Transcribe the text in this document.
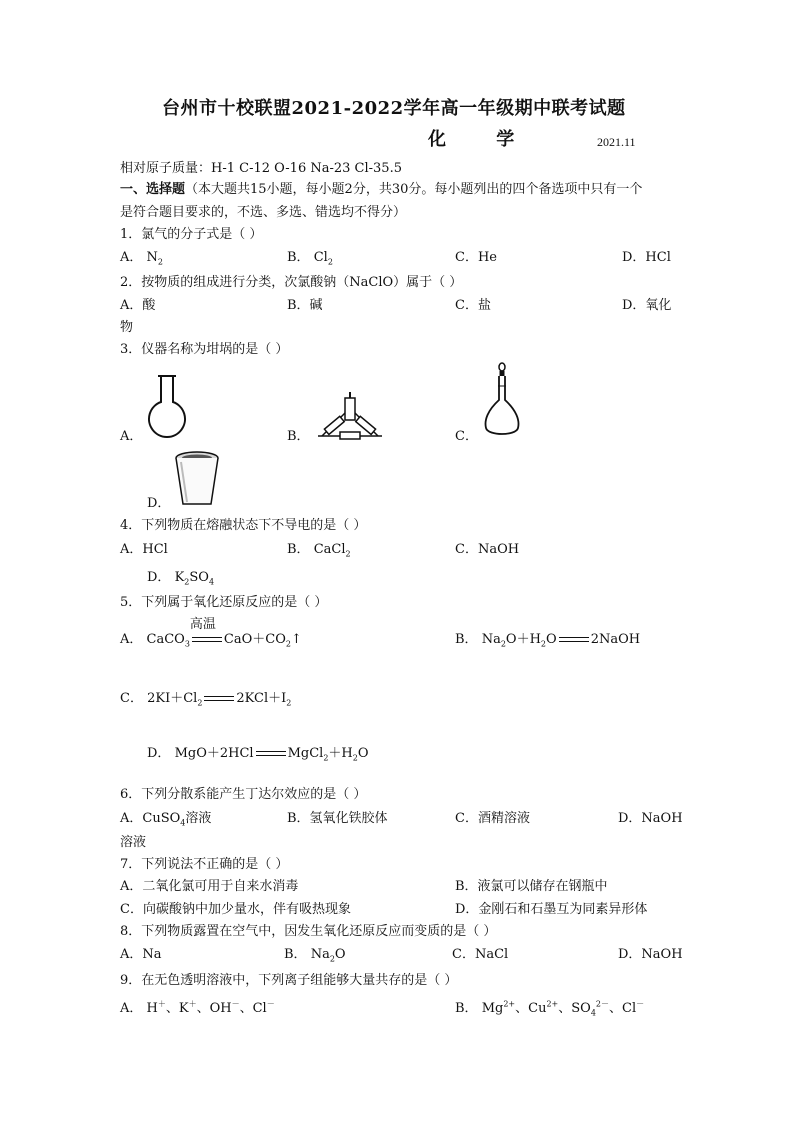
台州市十校联盟2021-2022学年高一年级期中联考试题
化 学	2021.11
相对原子质量：H-1 C-12 O-16 Na-23 Cl-35.5
一、选择题（本大题共15小题，每小题2分，共30分。每小题列出的四个备选项中只有一个
是符合题目要求的，不选、多选、错选均不得分）
1．氯气的分子式是（ ）
A． $N_2$	B． $Cl_2$	C．He	D．HCl
2．按物质的组成进行分类，次氯酸钠（NaClO）属于（ ）
A．酸	B．碱	C．盐	D．氧化
物
3．仪器名称为坩埚的是（ ）
A．	B．	C．
D．
4．下列物质在熔融状态下不导电的是（ ）
A．HCl	B． CaCl$_2$	C．NaOH
D． $K_2SO_4$
5．下列属于氧化还原反应的是（ ）
A． CaCO$_3$
高温
$CaO+CO_2↑$	B． $Na_2O+H_2O$	2NaOH
C． $2KI+Cl_2$	$2KCl+I_2$
D． MgO＋2HCl	$MgCl_2+H_2O$
6．下列分散系能产生丁达尔效应的是（ ）
A．CuSO$_4$溶液	B．氢氧化铁胶体	C．酒精溶液	D．NaOH
溶液
7．下列说法不正确的是（ ）
A．二氧化氯可用于自来水消毒	B．液氯可以储存在钢瓶中
C．向碳酸钠中加少量水，伴有吸热现象	D．金刚石和石墨互为同素异形体
8．下列物质露置在空气中，因发生氧化还原反应而变质的是（ ）
A．Na	B． $Na_2O$	C．NaCl	D．NaOH
9．在无色透明溶液中，下列离子组能够大量共存的是（ ）
A． H＋、K＋、OH－、Cl－	B． $Mg^{2+}$、$Cu^{2+}$、$SO_4^{2-}$、Cl－
